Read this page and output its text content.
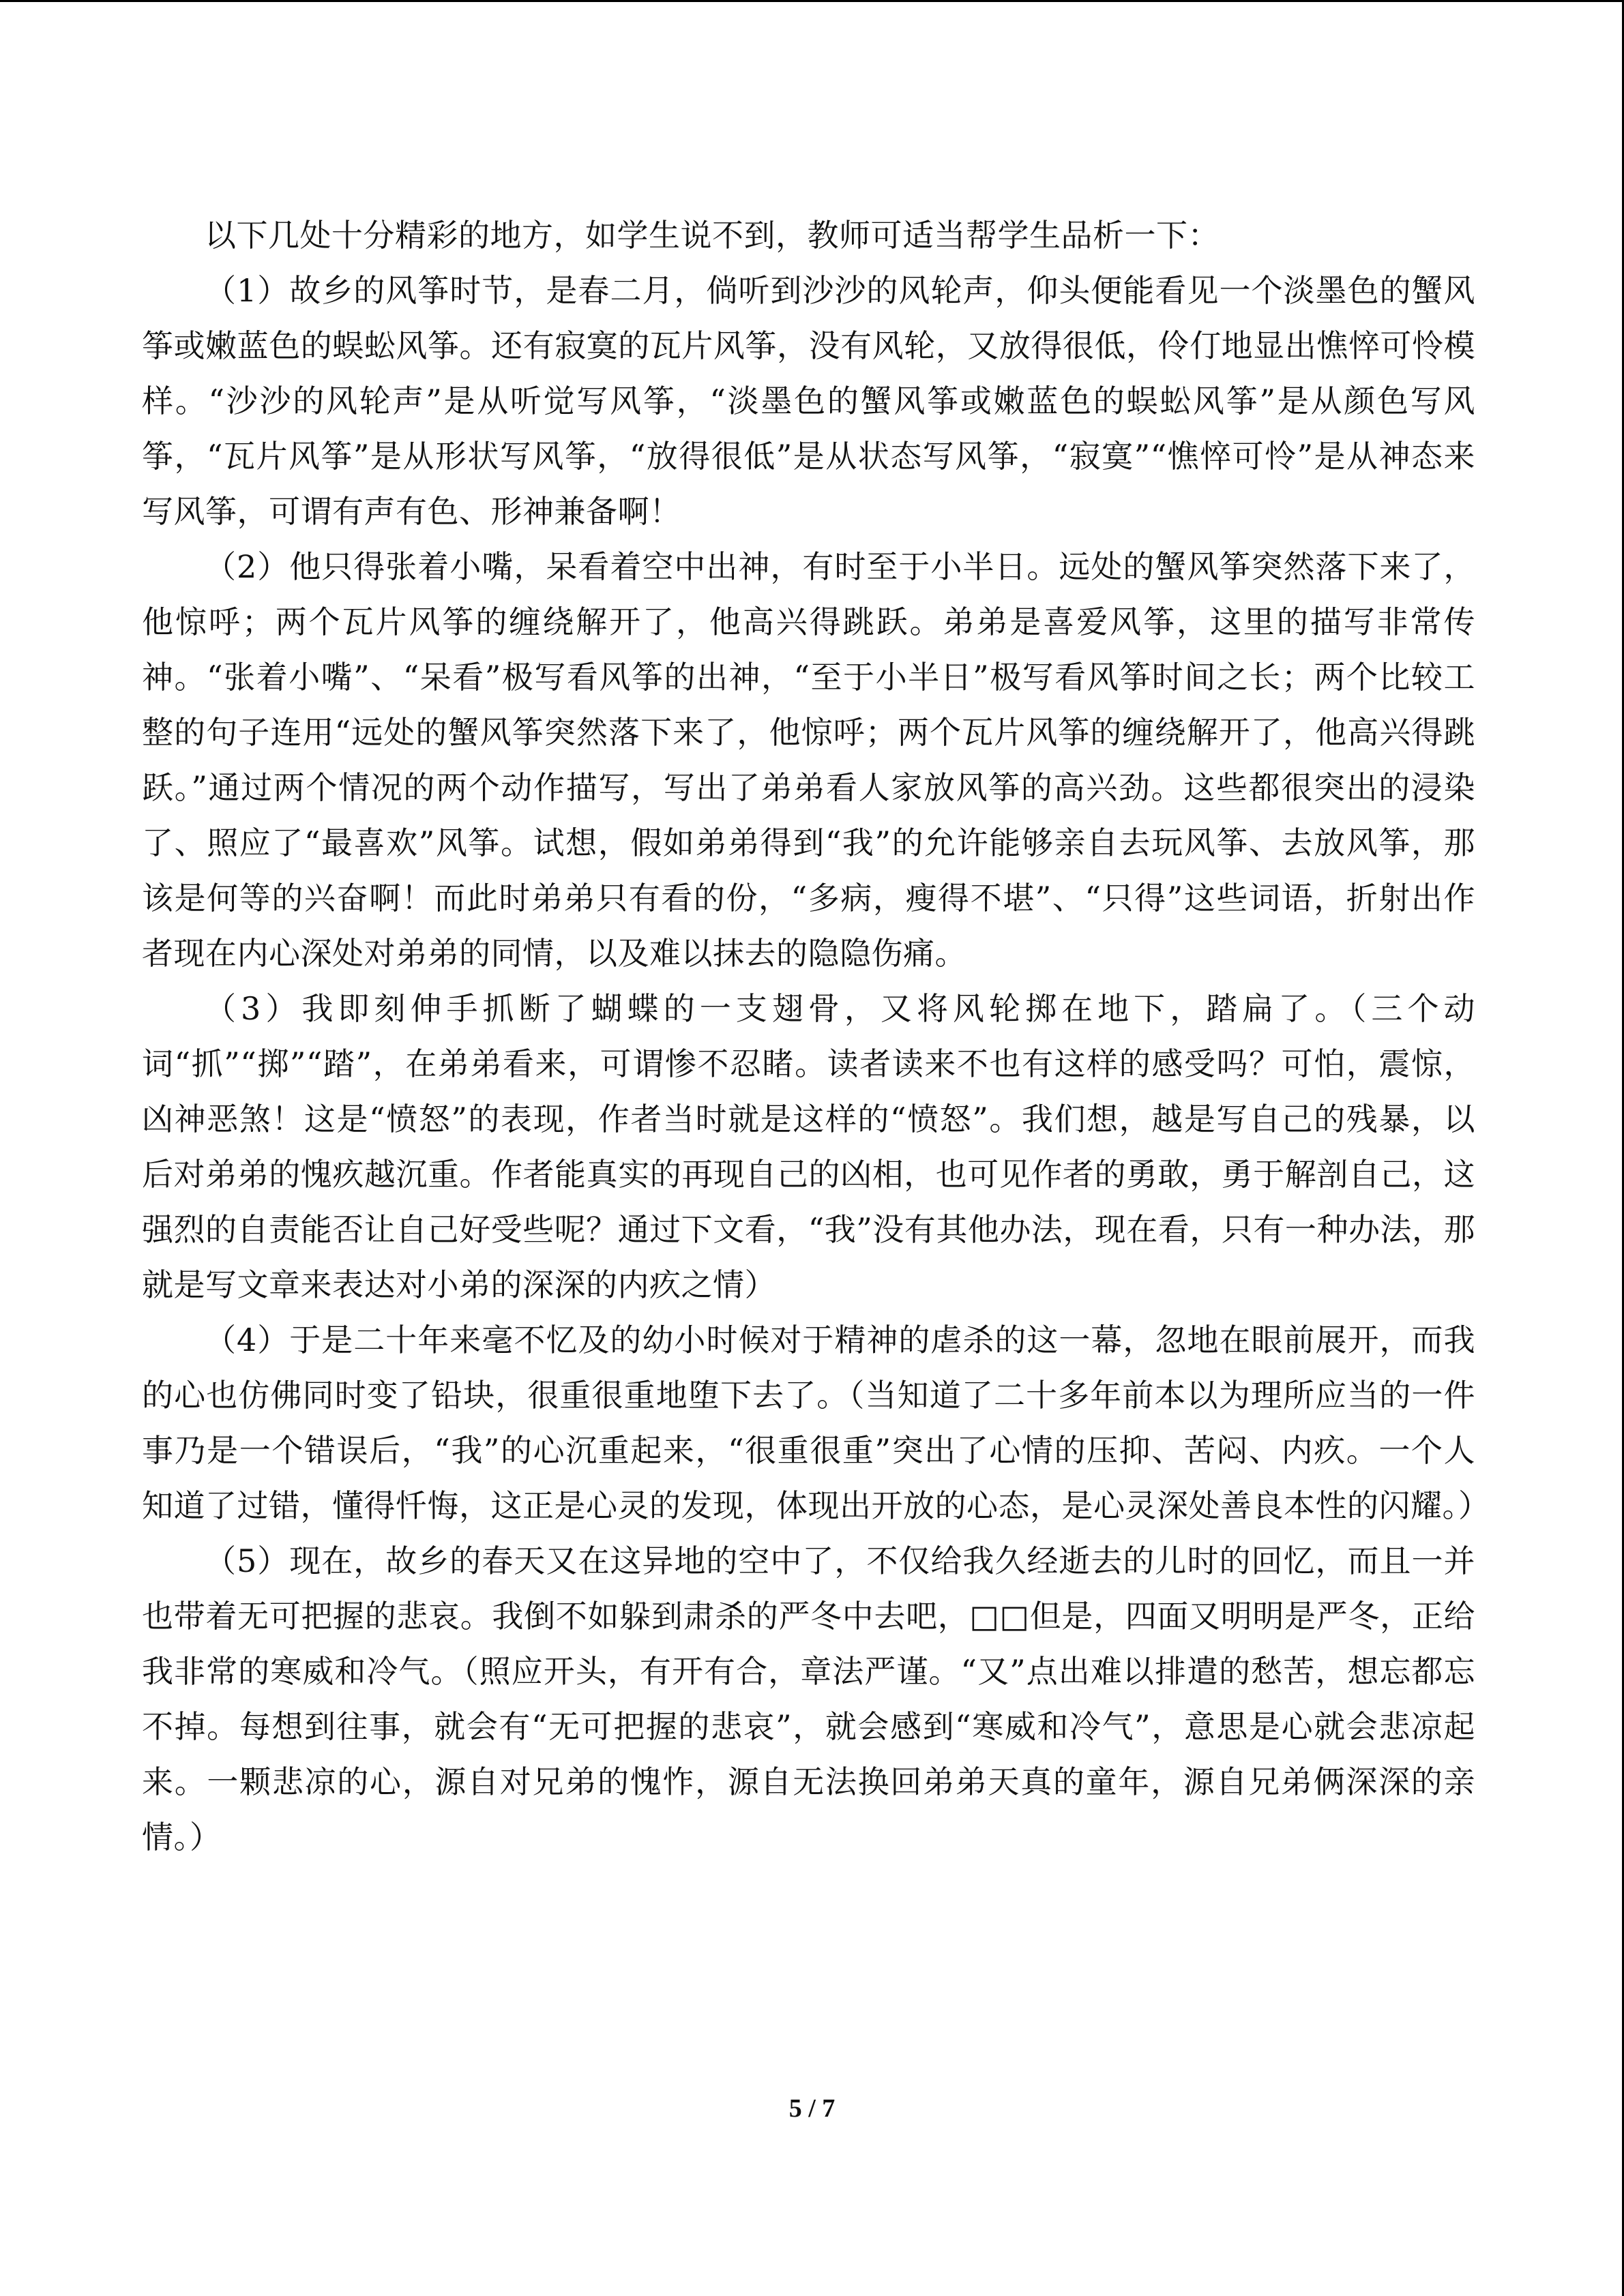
以下几处十分精彩的地方，如学生说不到，教师可适当帮学生品析一下：

（1）故乡的风筝时节，是春二月，倘听到沙沙的风轮声，仰头便能看见一个淡墨色的蟹风筝或嫩蓝色的蜈蚣风筝。还有寂寞的瓦片风筝，没有风轮，又放得很低，伶仃地显出憔悴可怜模样。“沙沙的风轮声”是从听觉写风筝，“淡墨色的蟹风筝或嫩蓝色的蜈蚣风筝”是从颜色写风筝，“瓦片风筝”是从形状写风筝，“放得很低”是从状态写风筝，“寂寞”“憔悴可怜”是从神态来写风筝，可谓有声有色、形神兼备啊！

（2）他只得张着小嘴，呆看着空中出神，有时至于小半日。远处的蟹风筝突然落下来了，他惊呼；两个瓦片风筝的缠绕解开了，他高兴得跳跃。弟弟是喜爱风筝，这里的描写非常传神。“张着小嘴”、“呆看”极写看风筝的出神，“至于小半日”极写看风筝时间之长；两个比较工整的句子连用“远处的蟹风筝突然落下来了，他惊呼；两个瓦片风筝的缠绕解开了，他高兴得跳跃。”通过两个情况的两个动作描写，写出了弟弟看人家放风筝的高兴劲。这些都很突出的浸染了、照应了“最喜欢”风筝。试想，假如弟弟得到“我”的允许能够亲自去玩风筝、去放风筝，那该是何等的兴奋啊！而此时弟弟只有看的份，“多病，瘦得不堪”、“只得”这些词语，折射出作者现在内心深处对弟弟的同情，以及难以抹去的隐隐伤痛。

（3）我即刻伸手抓断了蝴蝶的一支翅骨，又将风轮掷在地下，踏扁了。（三个动词“抓”“掷”“踏”，在弟弟看来，可谓惨不忍睹。读者读来不也有这样的感受吗？可怕，震惊，凶神恶煞！这是“愤怒”的表现，作者当时就是这样的“愤怒”。我们想，越是写自己的残暴，以后对弟弟的愧疚越沉重。作者能真实的再现自己的凶相，也可见作者的勇敢，勇于解剖自己，这强烈的自责能否让自己好受些呢？通过下文看，“我”没有其他办法，现在看，只有一种办法，那就是写文章来表达对小弟的深深的内疚之情）

（4）于是二十年来毫不忆及的幼小时候对于精神的虐杀的这一幕，忽地在眼前展开，而我的心也仿佛同时变了铅块，很重很重地堕下去了。（当知道了二十多年前本以为理所应当的一件事乃是一个错误后，“我”的心沉重起来，“很重很重”突出了心情的压抑、苦闷、内疚。一个人知道了过错，懂得忏悔，这正是心灵的发现，体现出开放的心态，是心灵深处善良本性的闪耀。）

（5）现在，故乡的春天又在这异地的空中了，不仅给我久经逝去的儿时的回忆，而且一并也带着无可把握的悲哀。我倒不如躲到肃杀的严冬中去吧，□□但是，四面又明明是严冬，正给我非常的寒威和冷气。（照应开头，有开有合，章法严谨。“又”点出难以排遣的愁苦，想忘都忘不掉。每想到往事，就会有“无可把握的悲哀”，就会感到“寒威和冷气”，意思是心就会悲凉起来。一颗悲凉的心，源自对兄弟的愧怍，源自无法换回弟弟天真的童年，源自兄弟俩深深的亲情。）

5 / 7
